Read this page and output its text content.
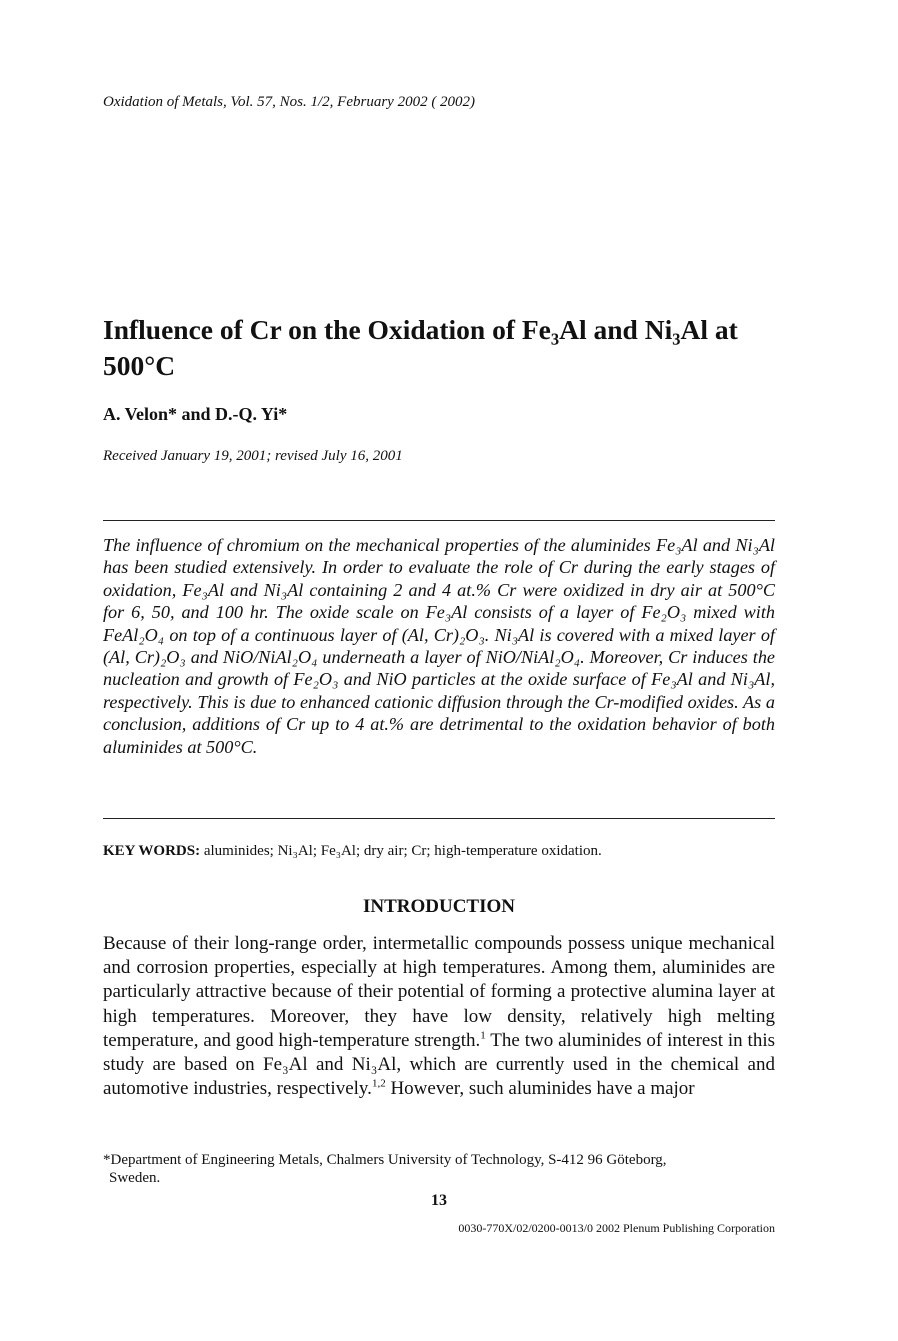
Oxidation of Metals, Vol. 57, Nos. 1/2, February 2002 ( 2002)
Influence of Cr on the Oxidation of Fe₃Al and Ni₃Al at 500°C
A. Velon* and D.-Q. Yi*
Received January 19, 2001; revised July 16, 2001

The influence of chromium on the mechanical properties of the aluminides Fe₃Al and Ni₃Al has been studied extensively. In order to evaluate the role of Cr during the early stages of oxidation, Fe₃Al and Ni₃Al containing 2 and 4 at.% Cr were oxidized in dry air at 500°C for 6, 50, and 100 hr. The oxide scale on Fe₃Al consists of a layer of Fe₂O₃ mixed with FeAl₂O₄ on top of a continuous layer of (Al, Cr)₂O₃. Ni₃Al is covered with a mixed layer of (Al, Cr)₂O₃ and NiO/NiAl₂O₄ underneath a layer of NiO/NiAl₂O₄. Moreover, Cr induces the nucleation and growth of Fe₂O₃ and NiO particles at the oxide surface of Fe₃Al and Ni₃Al, respectively. This is due to enhanced cationic diffusion through the Cr-modified oxides. As a conclusion, additions of Cr up to 4 at.% are detrimental to the oxidation behavior of both aluminides at 500°C.

KEY WORDS: aluminides; Ni₃Al; Fe₃Al; dry air; Cr; high-temperature oxidation.
INTRODUCTION

Because of their long-range order, intermetallic compounds possess unique mechanical and corrosion properties, especially at high temperatures. Among them, aluminides are particularly attractive because of their potential of forming a protective alumina layer at high temperatures. Moreover, they have low density, relatively high melting temperature, and good high-temperature strength.$^1$ The two aluminides of interest in this study are based on Fe₃Al and Ni₃Al, which are currently used in the chemical and automotive industries, respectively.$^{1,2}$ However, such aluminides have a major

*Department of Engineering Metals, Chalmers University of Technology, S-412 96 Göteborg,
Sweden.

13
0030-770X/02/0200-0013/0 2002 Plenum Publishing Corporation
